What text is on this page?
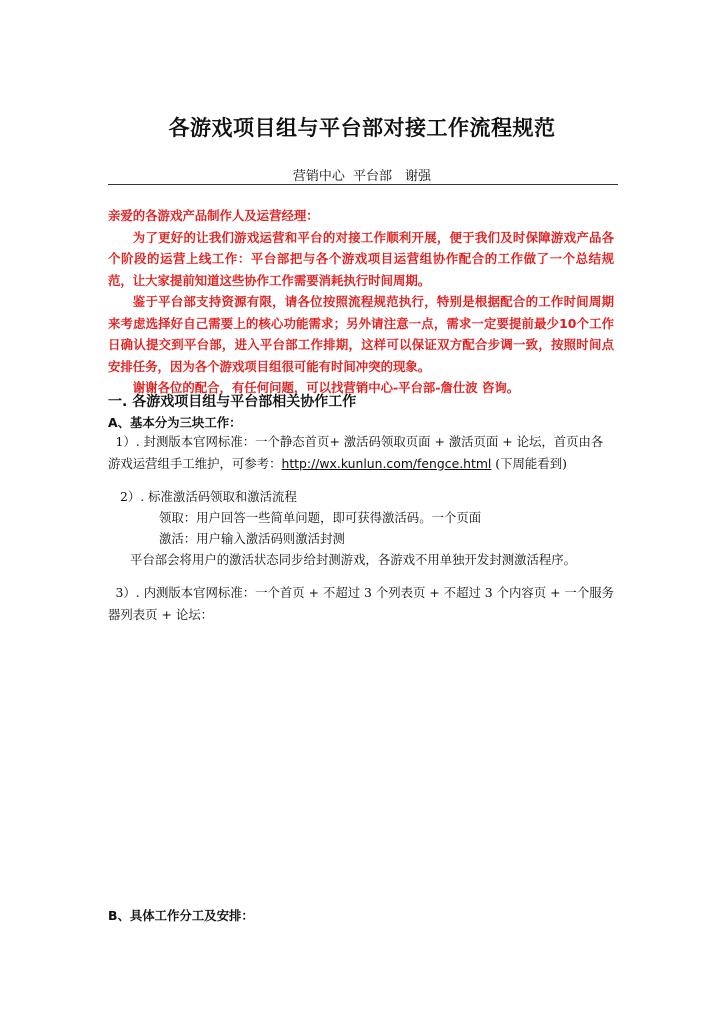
各游戏项目组与平台部对接工作流程规范
营销中心 平台部　谢强

亲爱的各游戏产品制作人及运营经理：

为了更好的让我们游戏运营和平台的对接工作顺利开展，便于我们及时保障游戏产品各个阶段的运营上线工作：平台部把与各个游戏项目运营组协作配合的工作做了一个总结规范，让大家提前知道这些协作工作需要消耗执行时间周期。

鉴于平台部支持资源有限，请各位按照流程规范执行，特别是根据配合的工作时间周期来考虑选择好自己需要上的核心功能需求；另外请注意一点，需求一定要提前最少10个工作日确认提交到平台部，进入平台部工作排期，这样可以保证双方配合步调一致，按照时间点安排任务，因为各个游戏项目组很可能有时间冲突的现象。

谢谢各位的配合，有任何问题，可以找营销中心-平台部-詹仕波 咨询。

一. 各游戏项目组与平台部相关协作工作
A、基本分为三块工作：
1）. 封测版本官网标准：一个静态首页+ 激活码领取页面 + 激活页面 + 论坛，首页由各游戏运营组手工维护，可参考：http://wx.kunlun.com/fengce.html (下周能看到)
2）. 标准激活码领取和激活流程
领取：用户回答一些简单问题，即可获得激活码。一个页面
激活：用户输入激活码则激活封测
平台部会将用户的激活状态同步给封测游戏，各游戏不用单独开发封测激活程序。
3）. 内测版本官网标准：一个首页 + 不超过 3 个列表页 + 不超过 3 个内容页 + 一个服务器列表页 + 论坛：
B、具体工作分工及安排：
